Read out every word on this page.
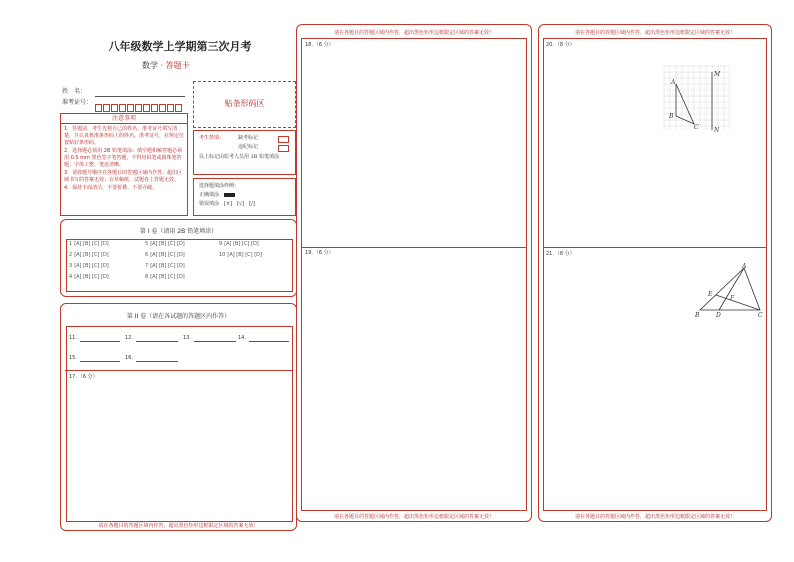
八年级数学上学期第三次月考
数学 · 答题卡
姓　名：
准考证号：	贴条形码区
注意事项
1．答题前，考生先将自己的姓名，准考证号填写清楚，并认真核准条形码上的姓名、准考证号，在规定位置贴好条形码。
2．选择题必须用 2B 铅笔填涂；填空题和解答题必须用 0.5 mm 黑色签字笔答题，不得用铅笔或圆珠笔答题；字体工整、笔迹清晰。
3．请按题号顺序在各题目的答题区域内作答，超出区域书写的答案无效；在草稿纸、试题卷上答题无效。
4．保持卡面清洁，不要折叠、不要弄破。
考生禁填：	缺考标记
违纪标记
以上标记由监考人员用 2B 铅笔填涂
选择题填涂样例：
正确填涂
错误填涂 [×]　[√]　[/]
第 I 卷（请用 2B 铅笔填涂）
1 [A] [B] [C] [D]
2 [A] [B] [C] [D]
3 [A] [B] [C] [D]
4 [A] [B] [C] [D]
5 [A] [B] [C] [D]
6 [A] [B] [C] [D]
7 [A] [B] [C] [D]
8 [A] [B] [C] [D]
9 [A] [B] [C] [D]
10 [A] [B] [C] [D]
第 II 卷（请在各试题的答题区内作答）
请在各题目的答题区域内作答，超出黑色矩形边框限定区域的答案无效！
11.	12.	13.	14.
15.	16.
17．（6 分）
请在各题目的答题区域内作答，超出黑色矩形边框限定区域的答案无效！
请在各题目的答题区域内作答，超出黑色矩形边框限定区域的答案无效！
18．（6 分）
19．（6 分）
请在各题目的答题区域内作答，超出黑色矩形边框限定区域的答案无效！
请在各题目的答题区域内作答，超出黑色矩形边框限定区域的答案无效！
20．（8 分）
A
B
C
M
N
21．（8 分）
A
E
F
B	D	C
